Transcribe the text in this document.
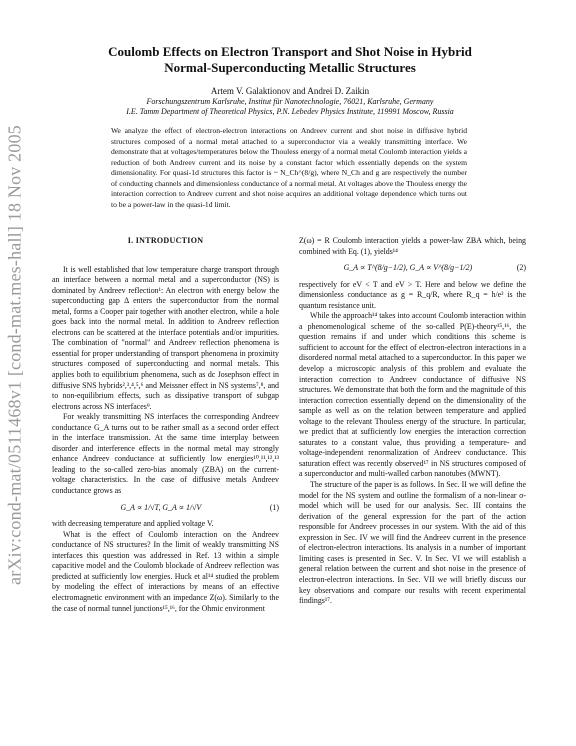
arXiv:cond-mat/0511468v1 [cond-mat.mes-hall] 18 Nov 2005
Coulomb Effects on Electron Transport and Shot Noise in Hybrid
Normal-Superconducting Metallic Structures
Artem V. Galaktionov and Andrei D. Zaikin
Forschungszentrum Karlsruhe, Institut für Nanotechnologie, 76021, Karlsruhe, Germany
I.E. Tamm Department of Theoretical Physics, P.N. Lebedev Physics Institute, 119991 Moscow, Russia
We analyze the effect of electron-electron interactions on Andreev current and shot noise in diffusive hybrid structures composed of a normal metal attached to a superconductor via a weakly transmitting interface. We demonstrate that at voltages/temperatures below the Thouless energy of a normal metal Coulomb interaction yields a reduction of both Andreev current and its noise by a constant factor which essentially depends on the system dimensionality. For quasi-1d structures this factor is ~ N_Ch^(8/g), where N_Ch and g are respectively the number of conducting channels and dimensionless conductance of a normal metal. At voltages above the Thouless energy the interaction correction to Andreev current and shot noise acquires an additional voltage dependence which turns out to be a power-law in the quasi-1d limit.
I. INTRODUCTION

It is well established that low temperature charge transport through an interface between a normal metal and a superconductor (NS) is dominated by Andreev reflection¹: An electron with energy below the superconducting gap Δ enters the superconductor from the normal metal, forms a Cooper pair together with another electron, while a hole goes back into the normal metal. In addition to Andreev reflection electrons can be scattered at the interface potentials and/or impurities. The combination of "normal" and Andreev reflection phenomena is essential for proper understanding of transport phenomena in proximity structures composed of superconducting and normal metals. This applies both to equilibrium phenomena, such as dc Josephson effect in diffusive SNS hybrids²,³,⁴,⁵,⁶ and Meissner effect in NS systems⁷,⁸, and to non-equilibrium effects, such as dissipative transport of subgap electrons across NS interfaces⁹.

For weakly transmitting NS interfaces the corresponding Andreev conductance G_A turns out to be rather small as a second order effect in the interface transmission. At the same time interplay between disorder and interference effects in the normal metal may strongly enhance Andreev conductance at sufficiently low energies¹⁰,¹¹,¹²,¹³ leading to the so-called zero-bias anomaly (ZBA) on the current-voltage characteristics. In the case of diffusive metals Andreev conductance grows as

G_A ∝ 1/√T, G_A ∝ 1/√V	(1)

with decreasing temperature and applied voltage V.

What is the effect of Coulomb interaction on the Andreev conductance of NS structures? In the limit of weakly transmitting NS interfaces this question was addressed in Ref. 13 within a simple capacitive model and the Coulomb blockade of Andreev reflection was predicted at sufficiently low energies. Huck et al¹⁴ studied the problem by modeling the effect of interactions by means of an effective electromagnetic environment with an impedance Z(ω). Similarly to the the case of normal tunnel junctions¹⁵,¹⁶, for the Ohmic environment

Z(ω) = R Coulomb interaction yields a power-law ZBA which, being combined with Eq. (1), yields¹⁴

G_A ∝ T^(8/g−1/2), G_A ∝ V^(8/g−1/2)	(2)

respectively for eV < T and eV > T. Here and below we define the dimensionless conductance as g = R_q/R, where R_q = h/e² is the quantum resistance unit.

While the approach¹⁴ takes into account Coulomb interaction within a phenomenological scheme of the so-called P(E)-theory¹⁵,¹⁶, the question remains if and under which conditions this scheme is sufficient to account for the effect of electron-electron interactions in a disordered normal metal attached to a superconductor. In this paper we develop a microscopic analysis of this problem and evaluate the interaction correction to Andreev conductance of diffusive NS structures. We demonstrate that both the form and the magnitude of this interaction correction essentially depend on the dimensionality of the sample as well as on the relation between temperature and applied voltage to the relevant Thouless energy of the structure. In particular, we predict that at sufficiently low energies the interaction correction saturates to a constant value, thus providing a temperature- and voltage-independent renormalization of Andreev conductance. This saturation effect was recently observed¹⁷ in NS structures composed of a superconductor and multi-walled carbon nanotubes (MWNT).

The structure of the paper is as follows. In Sec. II we will define the model for the NS system and outline the formalism of a non-linear σ-model which will be used for our analysis. Sec. III contains the derivation of the general expression for the part of the action responsible for Andreev processes in our system. With the aid of this expression in Sec. IV we will find the Andreev current in the presence of electron-electron interactions. Its analysis in a number of important limiting cases is presented in Sec. V. In Sec. VI we will establish a general relation between the current and shot noise in the presence of electron-electron interactions. In Sec. VII we will briefly discuss our key observations and compare our results with recent experimental findings¹⁷.
